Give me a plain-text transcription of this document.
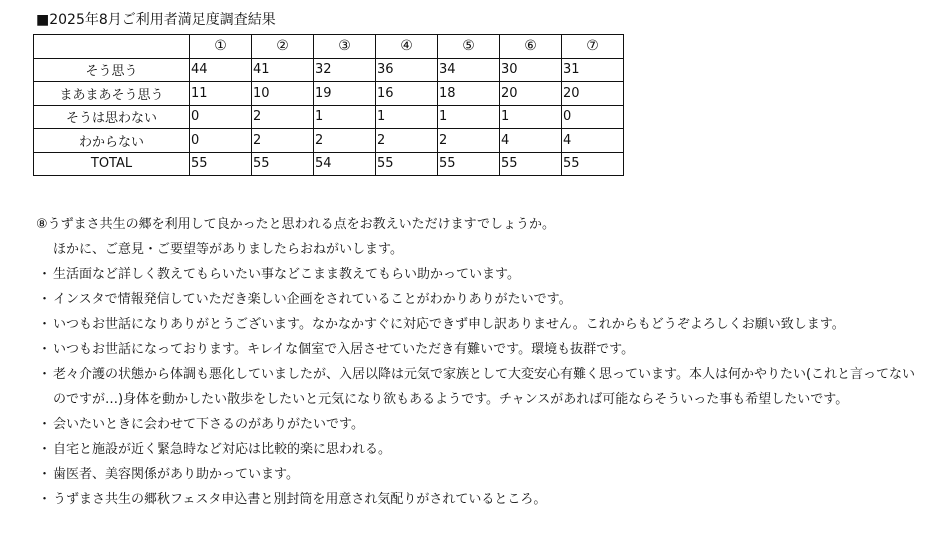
■2025年8月ご利用者満足度調査結果
	①	②	③	④	⑤	⑥	⑦
そう思う	44	41	32	36	34	30	31
まあまあそう思う	11	10	19	16	18	20	20
そうは思わない	0	2	1	1	1	1	0
わからない	0	2	2	2	2	4	4
TOTAL	55	55	54	55	55	55	55
⑧うずまさ共生の郷を利用して良かったと思われる点をお教えいただけますでしょうか。
ほかに、ご意見・ご要望等がありましたらおねがいします。
・ 生活面など詳しく教えてもらいたい事などこまま教えてもらい助かっています。
・ インスタで情報発信していただき楽しい企画をされていることがわかりありがたいです。
・ いつもお世話になりありがとうございます。なかなかすぐに対応できず申し訳ありません。これからもどうぞよろしくお願い致します。
・ いつもお世話になっております。キレイな個室で入居させていただき有難いです。環境も抜群です。
・ 老々介護の状態から体調も悪化していましたが、入居以降は元気で家族として大変安心有難く思っています。本人は何かやりたい(これと言ってないのですが…)身体を動かしたい散歩をしたいと元気になり欲もあるようです。チャンスがあれば可能ならそういった事も希望したいです。
・ 会いたいときに会わせて下さるのがありがたいです。
・ 自宅と施設が近く緊急時など対応は比較的楽に思われる。
・ 歯医者、美容関係があり助かっています。
・ うずまさ共生の郷秋フェスタ申込書と別封筒を用意され気配りがされているところ。
